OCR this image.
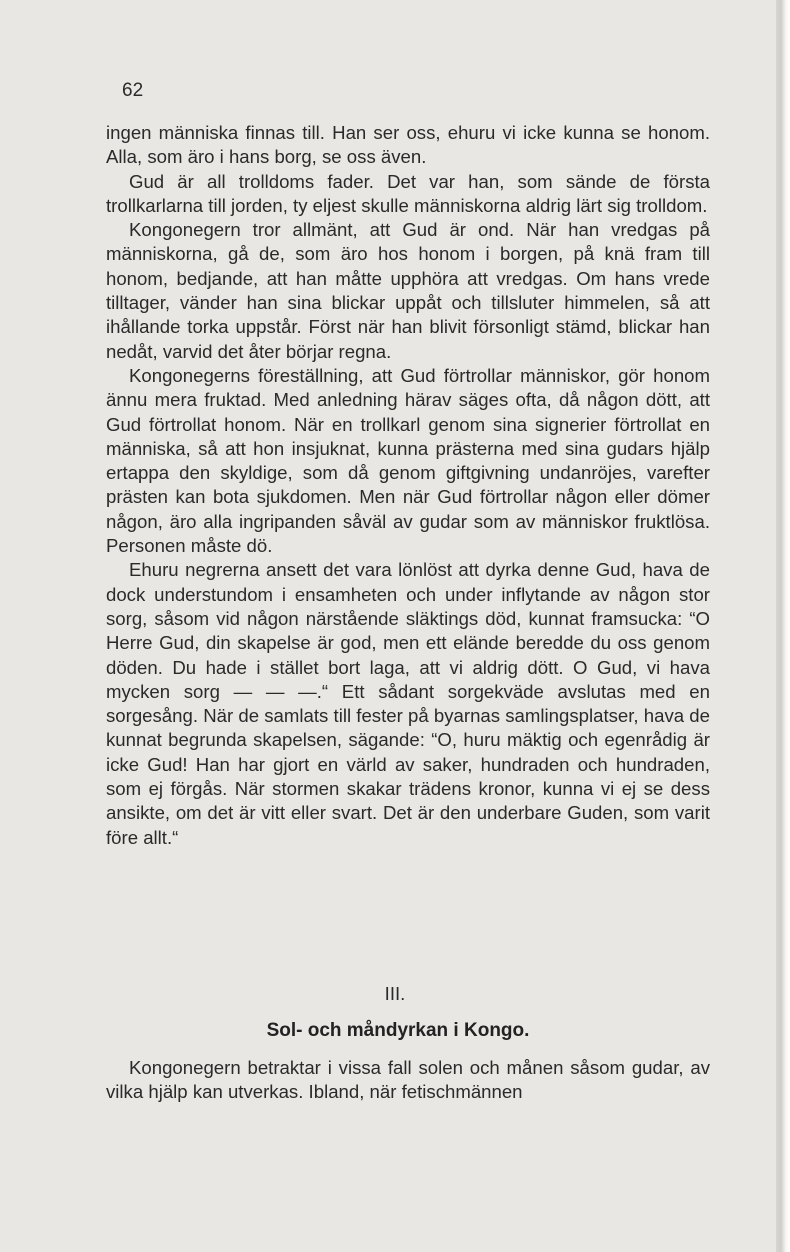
62

ingen människa finnas till. Han ser oss, ehuru vi icke kunna se honom. Alla, som äro i hans borg, se oss även.

Gud är all trolldoms fader. Det var han, som sände de första trollkarlarna till jorden, ty eljest skulle människorna aldrig lärt sig trolldom.

Kongonegern tror allmänt, att Gud är ond. När han vredgas på människorna, gå de, som äro hos honom i borgen, på knä fram till honom, bedjande, att han måtte upphöra att vredgas. Om hans vrede tilltager, vänder han sina blickar uppåt och tillsluter himmelen, så att ihållande torka uppstår. Först när han blivit försonligt stämd, blickar han nedåt, varvid det åter börjar regna.

Kongonegerns föreställning, att Gud förtrollar människor, gör honom ännu mera fruktad. Med anledning härav säges ofta, då någon dött, att Gud förtrollat honom. När en trollkarl genom sina signerier förtrollat en människa, så att hon insjuknat, kunna prästerna med sina gudars hjälp ertappa den skyldige, som då genom giftgivning undanröjes, varefter prästen kan bota sjukdomen. Men när Gud förtrollar någon eller dömer någon, äro alla ingripanden såväl av gudar som av människor fruktlösa. Personen måste dö.

Ehuru negrerna ansett det vara lönlöst att dyrka denne Gud, hava de dock understundom i ensamheten och under inflytande av någon stor sorg, såsom vid någon närstående släktings död, kunnat framsucka: “O Herre Gud, din skapelse är god, men ett elände beredde du oss genom döden. Du hade i stället bort laga, att vi aldrig dött. O Gud, vi hava mycken sorg — — —.“ Ett sådant sorgekväde avslutas med en sorgesång. När de samlats till fester på byarnas samlingsplatser, hava de kunnat begrunda skapelsen, sägande: “O, huru mäktig och egenrådig är icke Gud! Han har gjort en värld av saker, hundraden och hundraden, som ej förgås. När stormen skakar trädens kronor, kunna vi ej se dess ansikte, om det är vitt eller svart. Det är den underbare Guden, som varit före allt.“

III.

Sol- och måndyrkan i Kongo.

Kongonegern betraktar i vissa fall solen och månen såsom gudar, av vilka hjälp kan utverkas. Ibland, när fetischmännen
